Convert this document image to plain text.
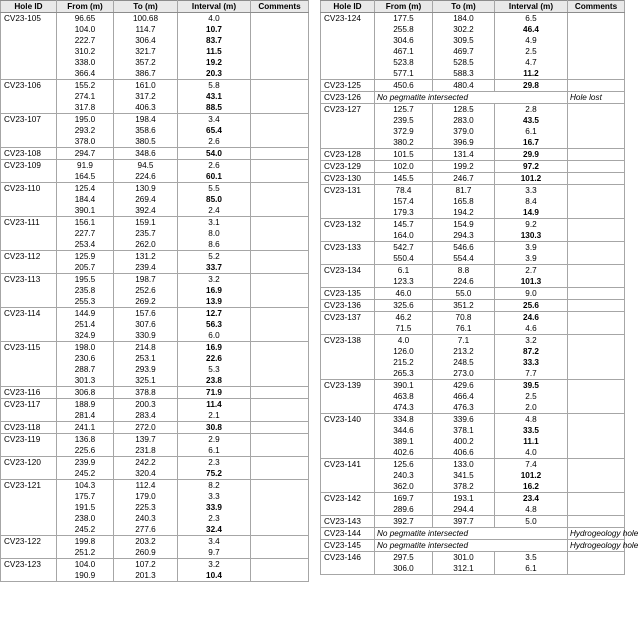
Hole ID	From (m)	To (m)	Interval (m)	Comments
CV23-105	96.65	100.68	4.0	
	104.0	114.7	10.7	
	222.7	306.4	83.7	
	310.2	321.7	11.5	
	338.0	357.2	19.2	
	366.4	386.7	20.3	
CV23-106	155.2	161.0	5.8	
	274.1	317.2	43.1	
	317.8	406.3	88.5	
CV23-107	195.0	198.4	3.4	
	293.2	358.6	65.4	
	378.0	380.5	2.6	
CV23-108	294.7	348.6	54.0	
CV23-109	91.9	94.5	2.6	
	164.5	224.6	60.1	
CV23-110	125.4	130.9	5.5	
	184.4	269.4	85.0	
	390.1	392.4	2.4	
CV23-111	156.1	159.1	3.1	
	227.7	235.7	8.0	
	253.4	262.0	8.6	
CV23-112	125.9	131.2	5.2	
	205.7	239.4	33.7	
CV23-113	195.5	198.7	3.2	
	235.8	252.6	16.9	
	255.3	269.2	13.9	
CV23-114	144.9	157.6	12.7	
	251.4	307.6	56.3	
	324.9	330.9	6.0	
CV23-115	198.0	214.8	16.9	
	230.6	253.1	22.6	
	288.7	293.9	5.3	
	301.3	325.1	23.8	
CV23-116	306.8	378.8	71.9	
CV23-117	188.9	200.3	11.4	
	281.4	283.4	2.1	
CV23-118	241.1	272.0	30.8	
CV23-119	136.8	139.7	2.9	
	225.6	231.8	6.1	
CV23-120	239.9	242.2	2.3	
	245.2	320.4	75.2	
CV23-121	104.3	112.4	8.2	
	175.7	179.0	3.3	
	191.5	225.3	33.9	
	238.0	240.3	2.3	
	245.2	277.6	32.4	
CV23-122	199.8	203.2	3.4	
	251.2	260.9	9.7	
CV23-123	104.0	107.2	3.2	
	190.9	201.3	10.4	
Hole ID	From (m)	To (m)	Interval (m)	Comments
CV23-124	177.5	184.0	6.5	
	255.8	302.2	46.4	
	304.6	309.5	4.9	
	467.1	469.7	2.5	
	523.8	528.5	4.7	
	577.1	588.3	11.2	
CV23-125	450.6	480.4	29.8	
CV23-126	No pegmatite intersected			Hole lost
CV23-127	125.7	128.5	2.8	
	239.5	283.0	43.5	
	372.9	379.0	6.1	
	380.2	396.9	16.7	
CV23-128	101.5	131.4	29.9	
CV23-129	102.0	199.2	97.2	
CV23-130	145.5	246.7	101.2	
CV23-131	78.4	81.7	3.3	
	157.4	165.8	8.4	
	179.3	194.2	14.9	
CV23-132	145.7	154.9	9.2	
	164.0	294.3	130.3	
CV23-133	542.7	546.6	3.9	
	550.4	554.4	3.9	
CV23-134	6.1	8.8	2.7	
	123.3	224.6	101.3	
CV23-135	46.0	55.0	9.0	
CV23-136	325.6	351.2	25.6	
CV23-137	46.2	70.8	24.6	
	71.5	76.1	4.6	
CV23-138	4.0	7.1	3.2	
	126.0	213.2	87.2	
	215.2	248.5	33.3	
	265.3	273.0	7.7	
CV23-139	390.1	429.6	39.5	
	463.8	466.4	2.5	
	474.3	476.3	2.0	
CV23-140	334.8	339.6	4.8	
	344.6	378.1	33.5	
	389.1	400.2	11.1	
	402.6	406.6	4.0	
CV23-141	125.6	133.0	7.4	
	240.3	341.5	101.2	
	362.0	378.2	16.2	
CV23-142	169.7	193.1	23.4	
	289.6	294.4	4.8	
CV23-143	392.7	397.7	5.0	
CV23-144	No pegmatite intersected			Hydrogeology hole
CV23-145	No pegmatite intersected			Hydrogeology hole
CV23-146	297.5	301.0	3.5	
	306.0	312.1	6.1	
